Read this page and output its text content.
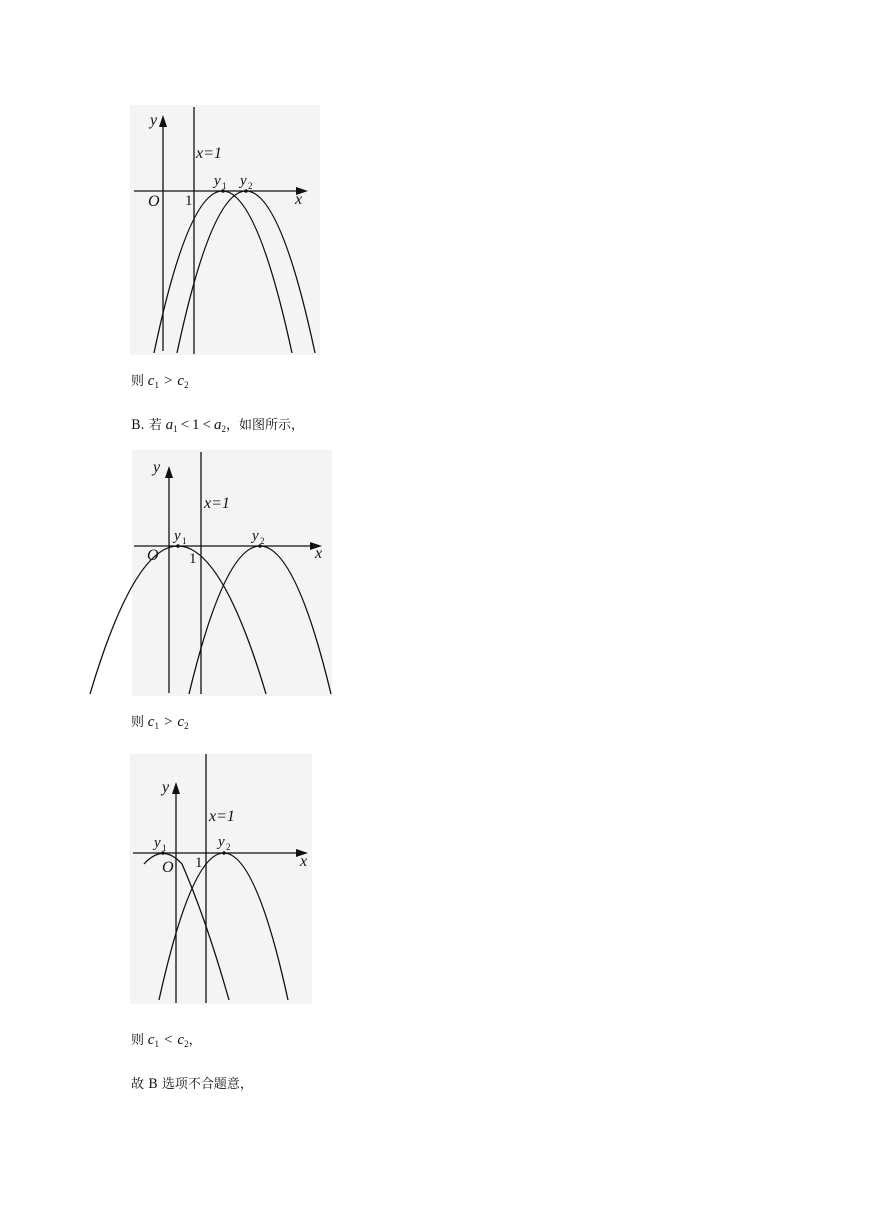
y
x
O 1
x=1
y 1 y 2
则 $c_1 > c_2$
B. 若 $a_1 < 1 < a_2$，如图所示，
y
x
O 1
x=1
y 1	y 2
则 $c_1 > c_2$
y
x
O 1
x=1
y 1	y 2
则 $c_1 < c_2$，
故 B 选项不合题意，
